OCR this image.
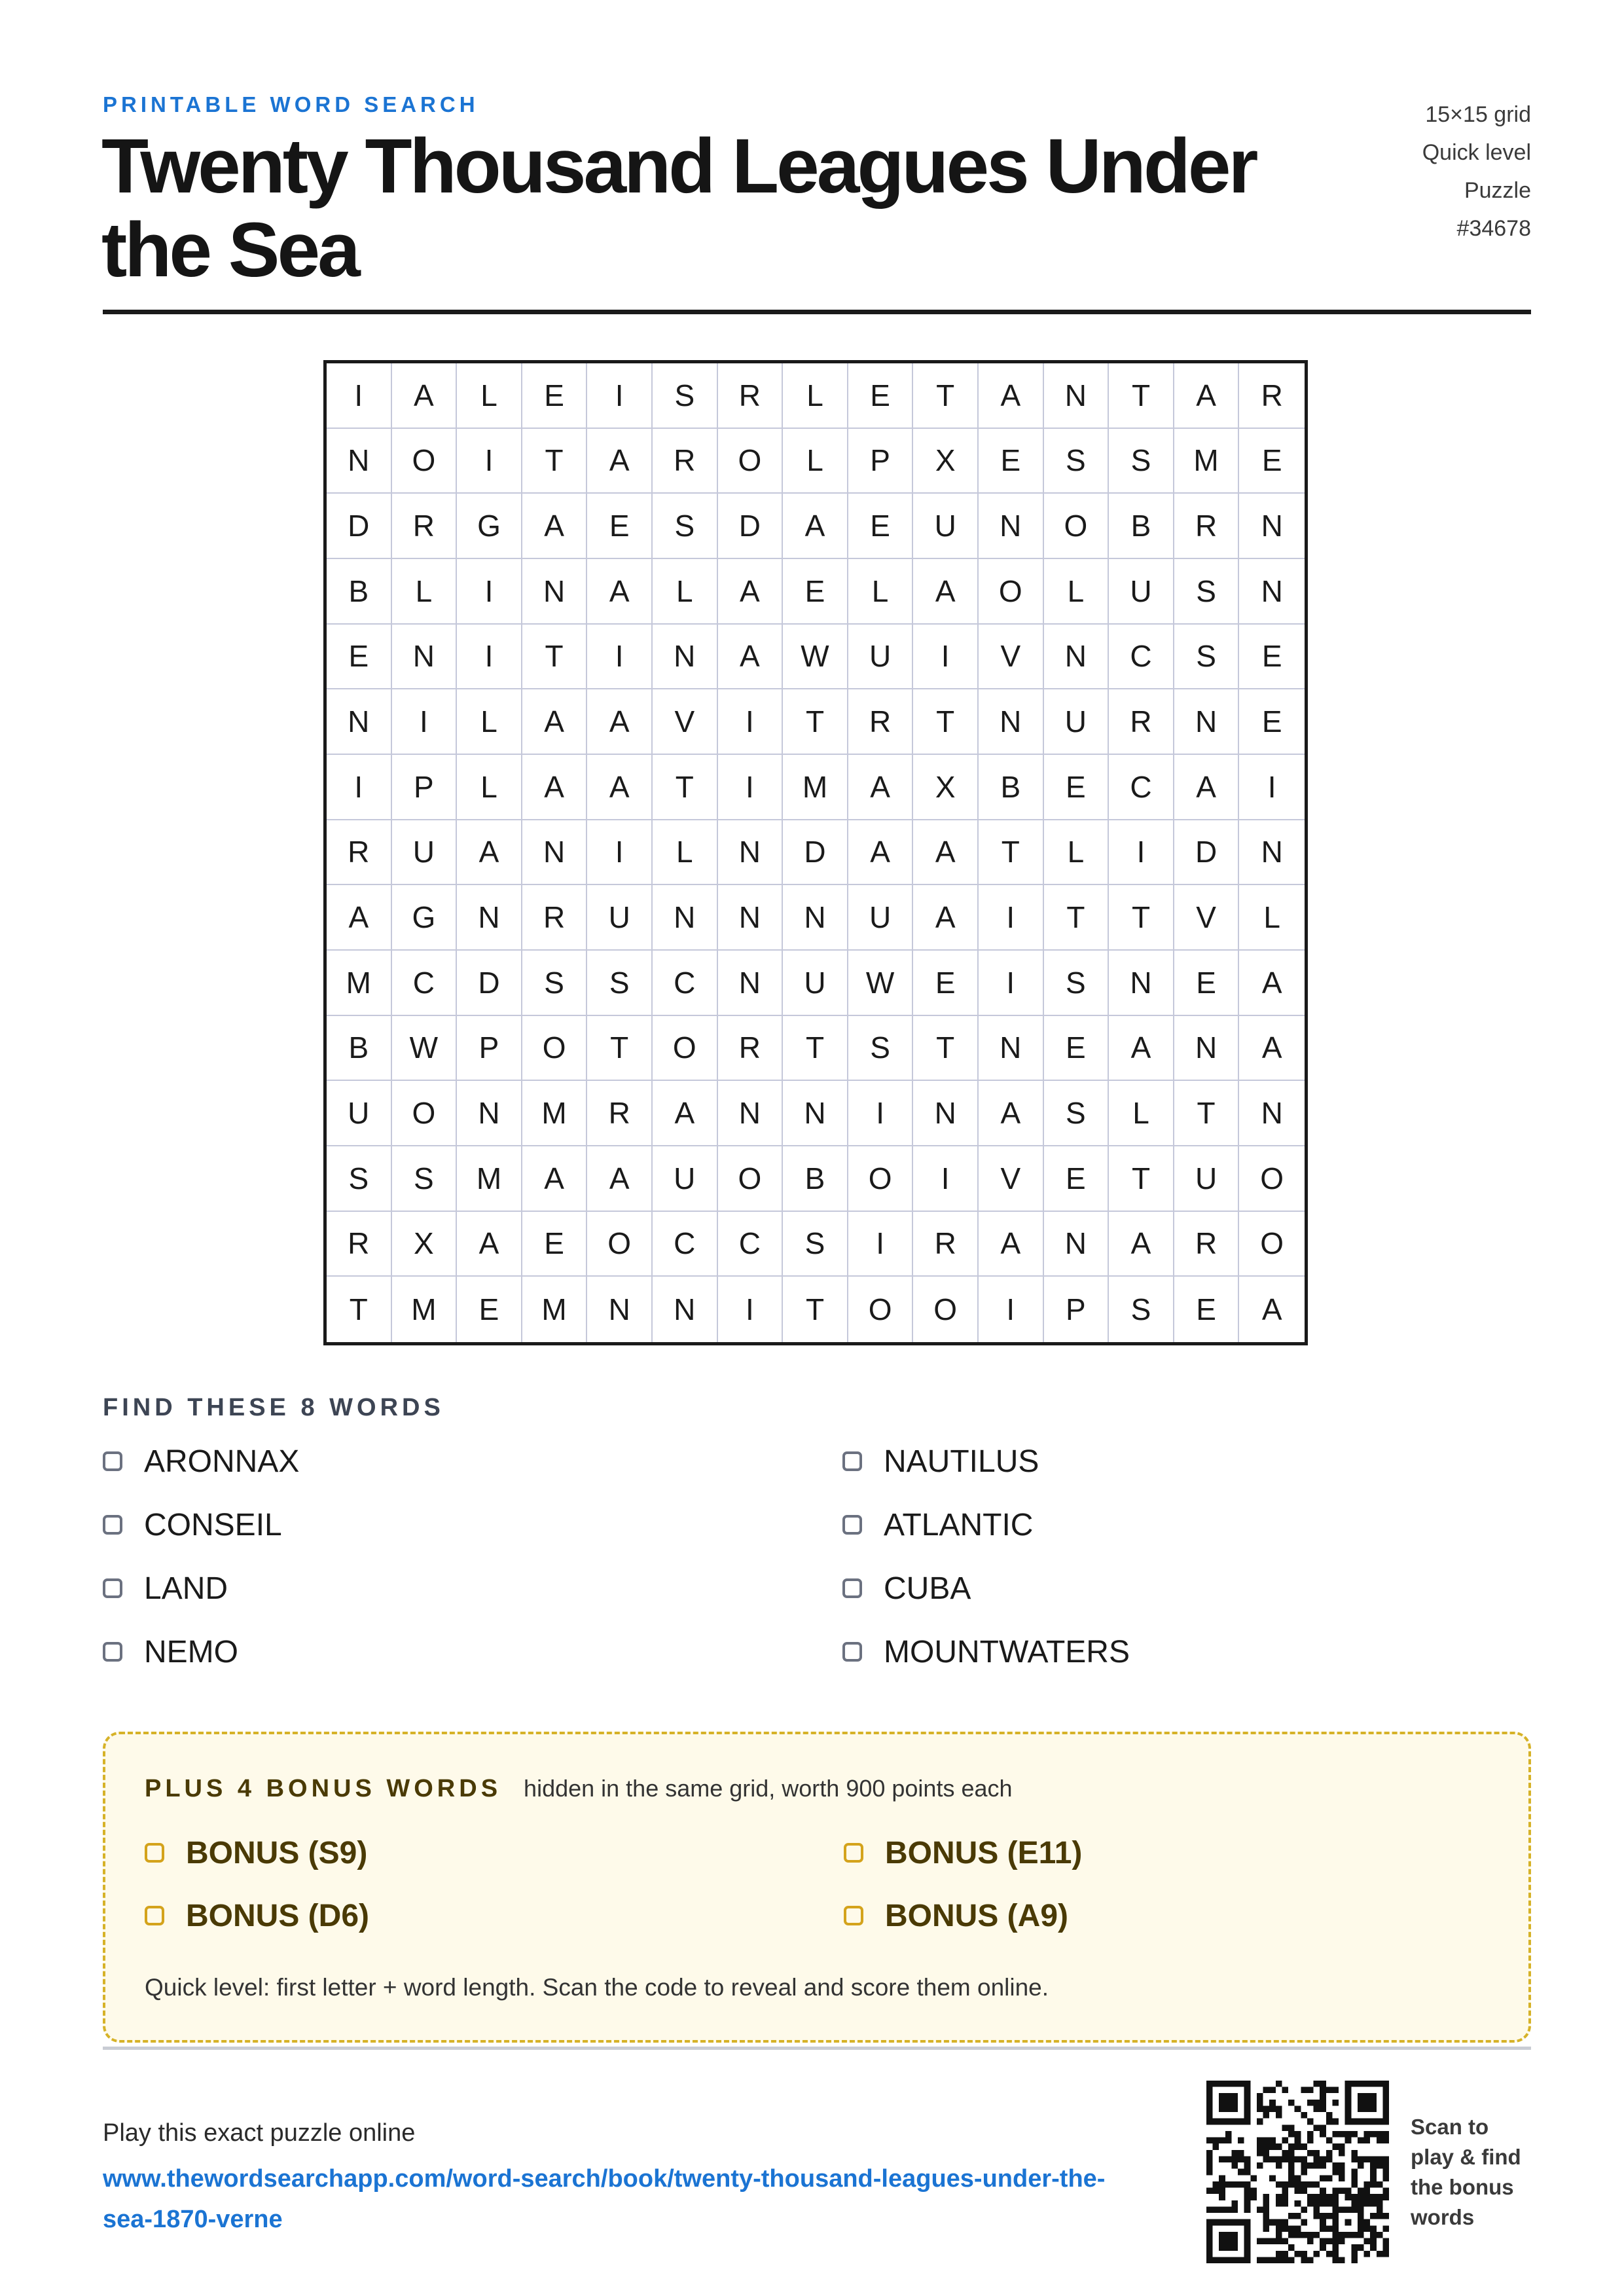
PRINTABLE WORD SEARCH
Twenty Thousand Leagues Under the Sea
15×15 grid
Quick level
Puzzle
#34678
I	A	L	E	I	S	R	L	E	T	A	N	T	A	R
N	O	I	T	A	R	O	L	P	X	E	S	S	M	E
D	R	G	A	E	S	D	A	E	U	N	O	B	R	N
B	L	I	N	A	L	A	E	L	A	O	L	U	S	N
E	N	I	T	I	N	A	W	U	I	V	N	C	S	E
N	I	L	A	A	V	I	T	R	T	N	U	R	N	E
I	P	L	A	A	T	I	M	A	X	B	E	C	A	I
R	U	A	N	I	L	N	D	A	A	T	L	I	D	N
A	G	N	R	U	N	N	N	U	A	I	T	T	V	L
M	C	D	S	S	C	N	U	W	E	I	S	N	E	A
B	W	P	O	T	O	R	T	S	T	N	E	A	N	A
U	O	N	M	R	A	N	N	I	N	A	S	L	T	N
S	S	M	A	A	U	O	B	O	I	V	E	T	U	O
R	X	A	E	O	C	C	S	I	R	A	N	A	R	O
T	M	E	M	N	N	I	T	O	O	I	P	S	E	A
FIND THESE 8 WORDS
ARONNAX	NAUTILUS
CONSEIL	ATLANTIC
LAND	CUBA
NEMO	MOUNTWATERS
PLUS 4 BONUS WORDS hidden in the same grid, worth 900 points each
BONUS (S9)	BONUS (E11)
BONUS (D6)	BONUS (A9)
Quick level: first letter + word length. Scan the code to reveal and score them online.
Play this exact puzzle online
www.thewordsearchapp.com/word-search/book/twenty-thousand-leagues-under-the-sea-1870-verne
Scan to play & find the bonus words
